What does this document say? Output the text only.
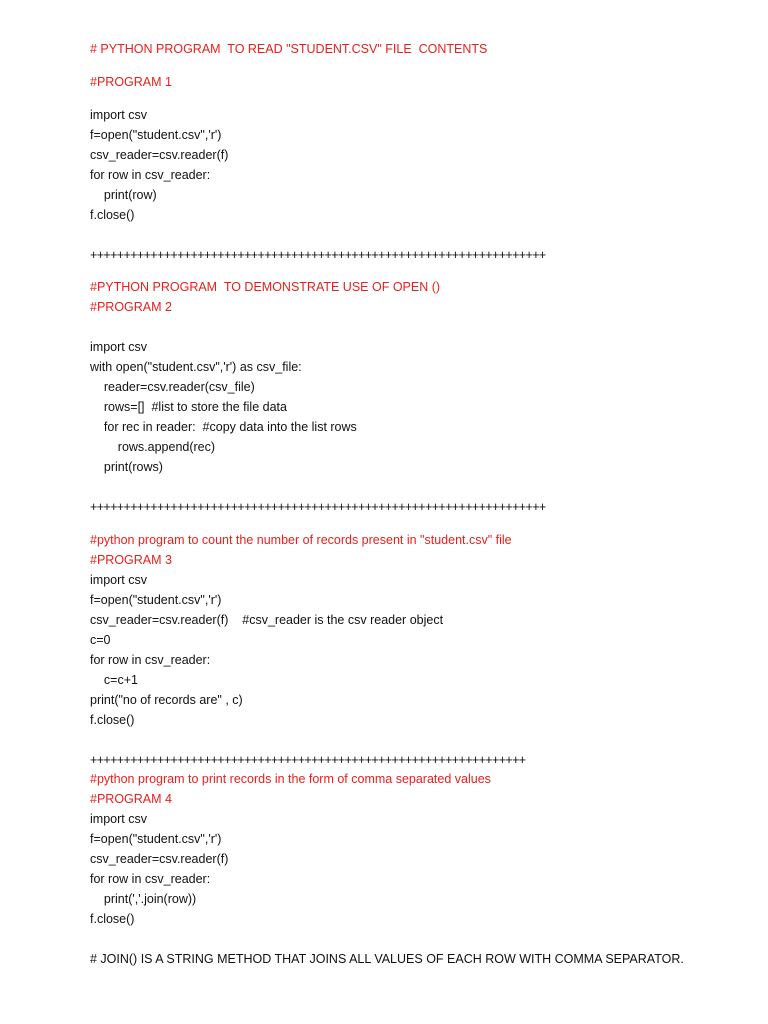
# PYTHON PROGRAM  TO READ "STUDENT.CSV" FILE  CONTENTS
#PROGRAM 1
import csv
f=open("student.csv",'r')
csv_reader=csv.reader(f)
for row in csv_reader:
print(row)
f.close()
++++++++++++++++++++++++++++++++++++++++++++++++++++++++++++++++++++
#PYTHON PROGRAM  TO DEMONSTRATE USE OF OPEN ()
#PROGRAM 2
import csv
with open("student.csv",'r') as csv_file:
reader=csv.reader(csv_file)
rows=[]  #list to store the file data
for rec in reader:  #copy data into the list rows
rows.append(rec)
print(rows)
++++++++++++++++++++++++++++++++++++++++++++++++++++++++++++++++++++
#python program to count the number of records present in "student.csv" file
#PROGRAM 3
import csv
f=open("student.csv",'r')
csv_reader=csv.reader(f)    #csv_reader is the csv reader object
c=0
for row in csv_reader:
c=c+1
print("no of records are" , c)
f.close()
+++++++++++++++++++++++++++++++++++++++++++++++++++++++++++++++++
#python program to print records in the form of comma separated values
#PROGRAM 4
import csv
f=open("student.csv",'r')
csv_reader=csv.reader(f)
for row in csv_reader:
print(','.join(row))
f.close()
# JOIN() IS A STRING METHOD THAT JOINS ALL VALUES OF EACH ROW WITH COMMA SEPARATOR.
